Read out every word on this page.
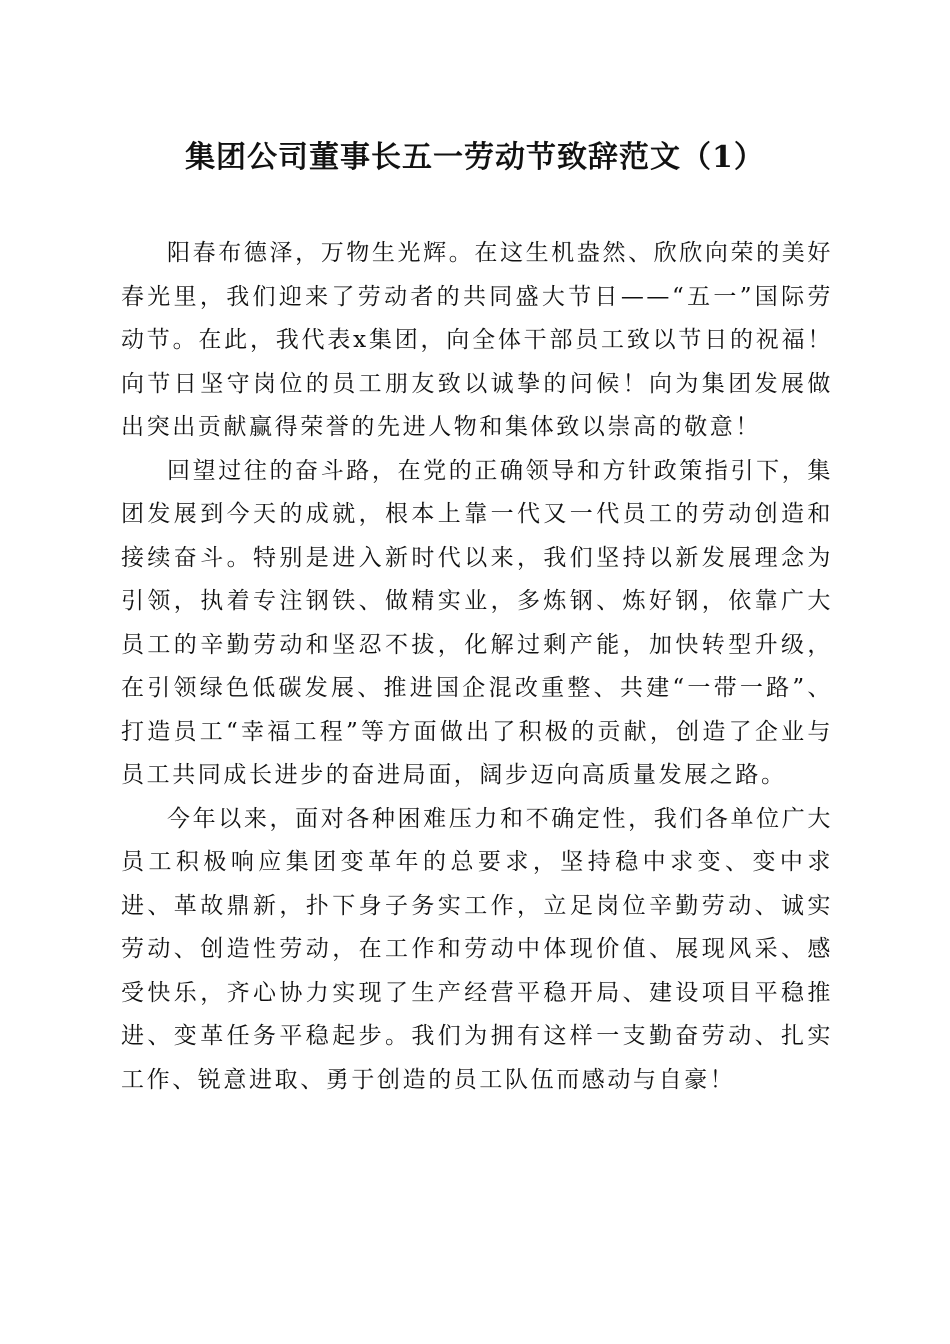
集团公司董事长五一劳动节致辞范文（1）

阳春布德泽，万物生光辉。在这生机盎然、欣欣向荣的美好春光里，我们迎来了劳动者的共同盛大节日——“五一”国际劳动节。在此，我代表x集团，向全体干部员工致以节日的祝福！向节日坚守岗位的员工朋友致以诚挚的问候！向为集团发展做出突出贡献赢得荣誉的先进人物和集体致以崇高的敬意！

回望过往的奋斗路，在党的正确领导和方针政策指引下，集团发展到今天的成就，根本上靠一代又一代员工的劳动创造和接续奋斗。特别是进入新时代以来，我们坚持以新发展理念为引领，执着专注钢铁、做精实业，多炼钢、炼好钢，依靠广大员工的辛勤劳动和坚忍不拔，化解过剩产能，加快转型升级，在引领绿色低碳发展、推进国企混改重整、共建“一带一路”、打造员工“幸福工程”等方面做出了积极的贡献，创造了企业与员工共同成长进步的奋进局面，阔步迈向高质量发展之路。

今年以来，面对各种困难压力和不确定性，我们各单位广大员工积极响应集团变革年的总要求，坚持稳中求变、变中求进、革故鼎新，扑下身子务实工作，立足岗位辛勤劳动、诚实劳动、创造性劳动，在工作和劳动中体现价值、展现风采、感受快乐，齐心协力实现了生产经营平稳开局、建设项目平稳推进、变革任务平稳起步。我们为拥有这样一支勤奋劳动、扎实工作、锐意进取、勇于创造的员工队伍而感动与自豪！
